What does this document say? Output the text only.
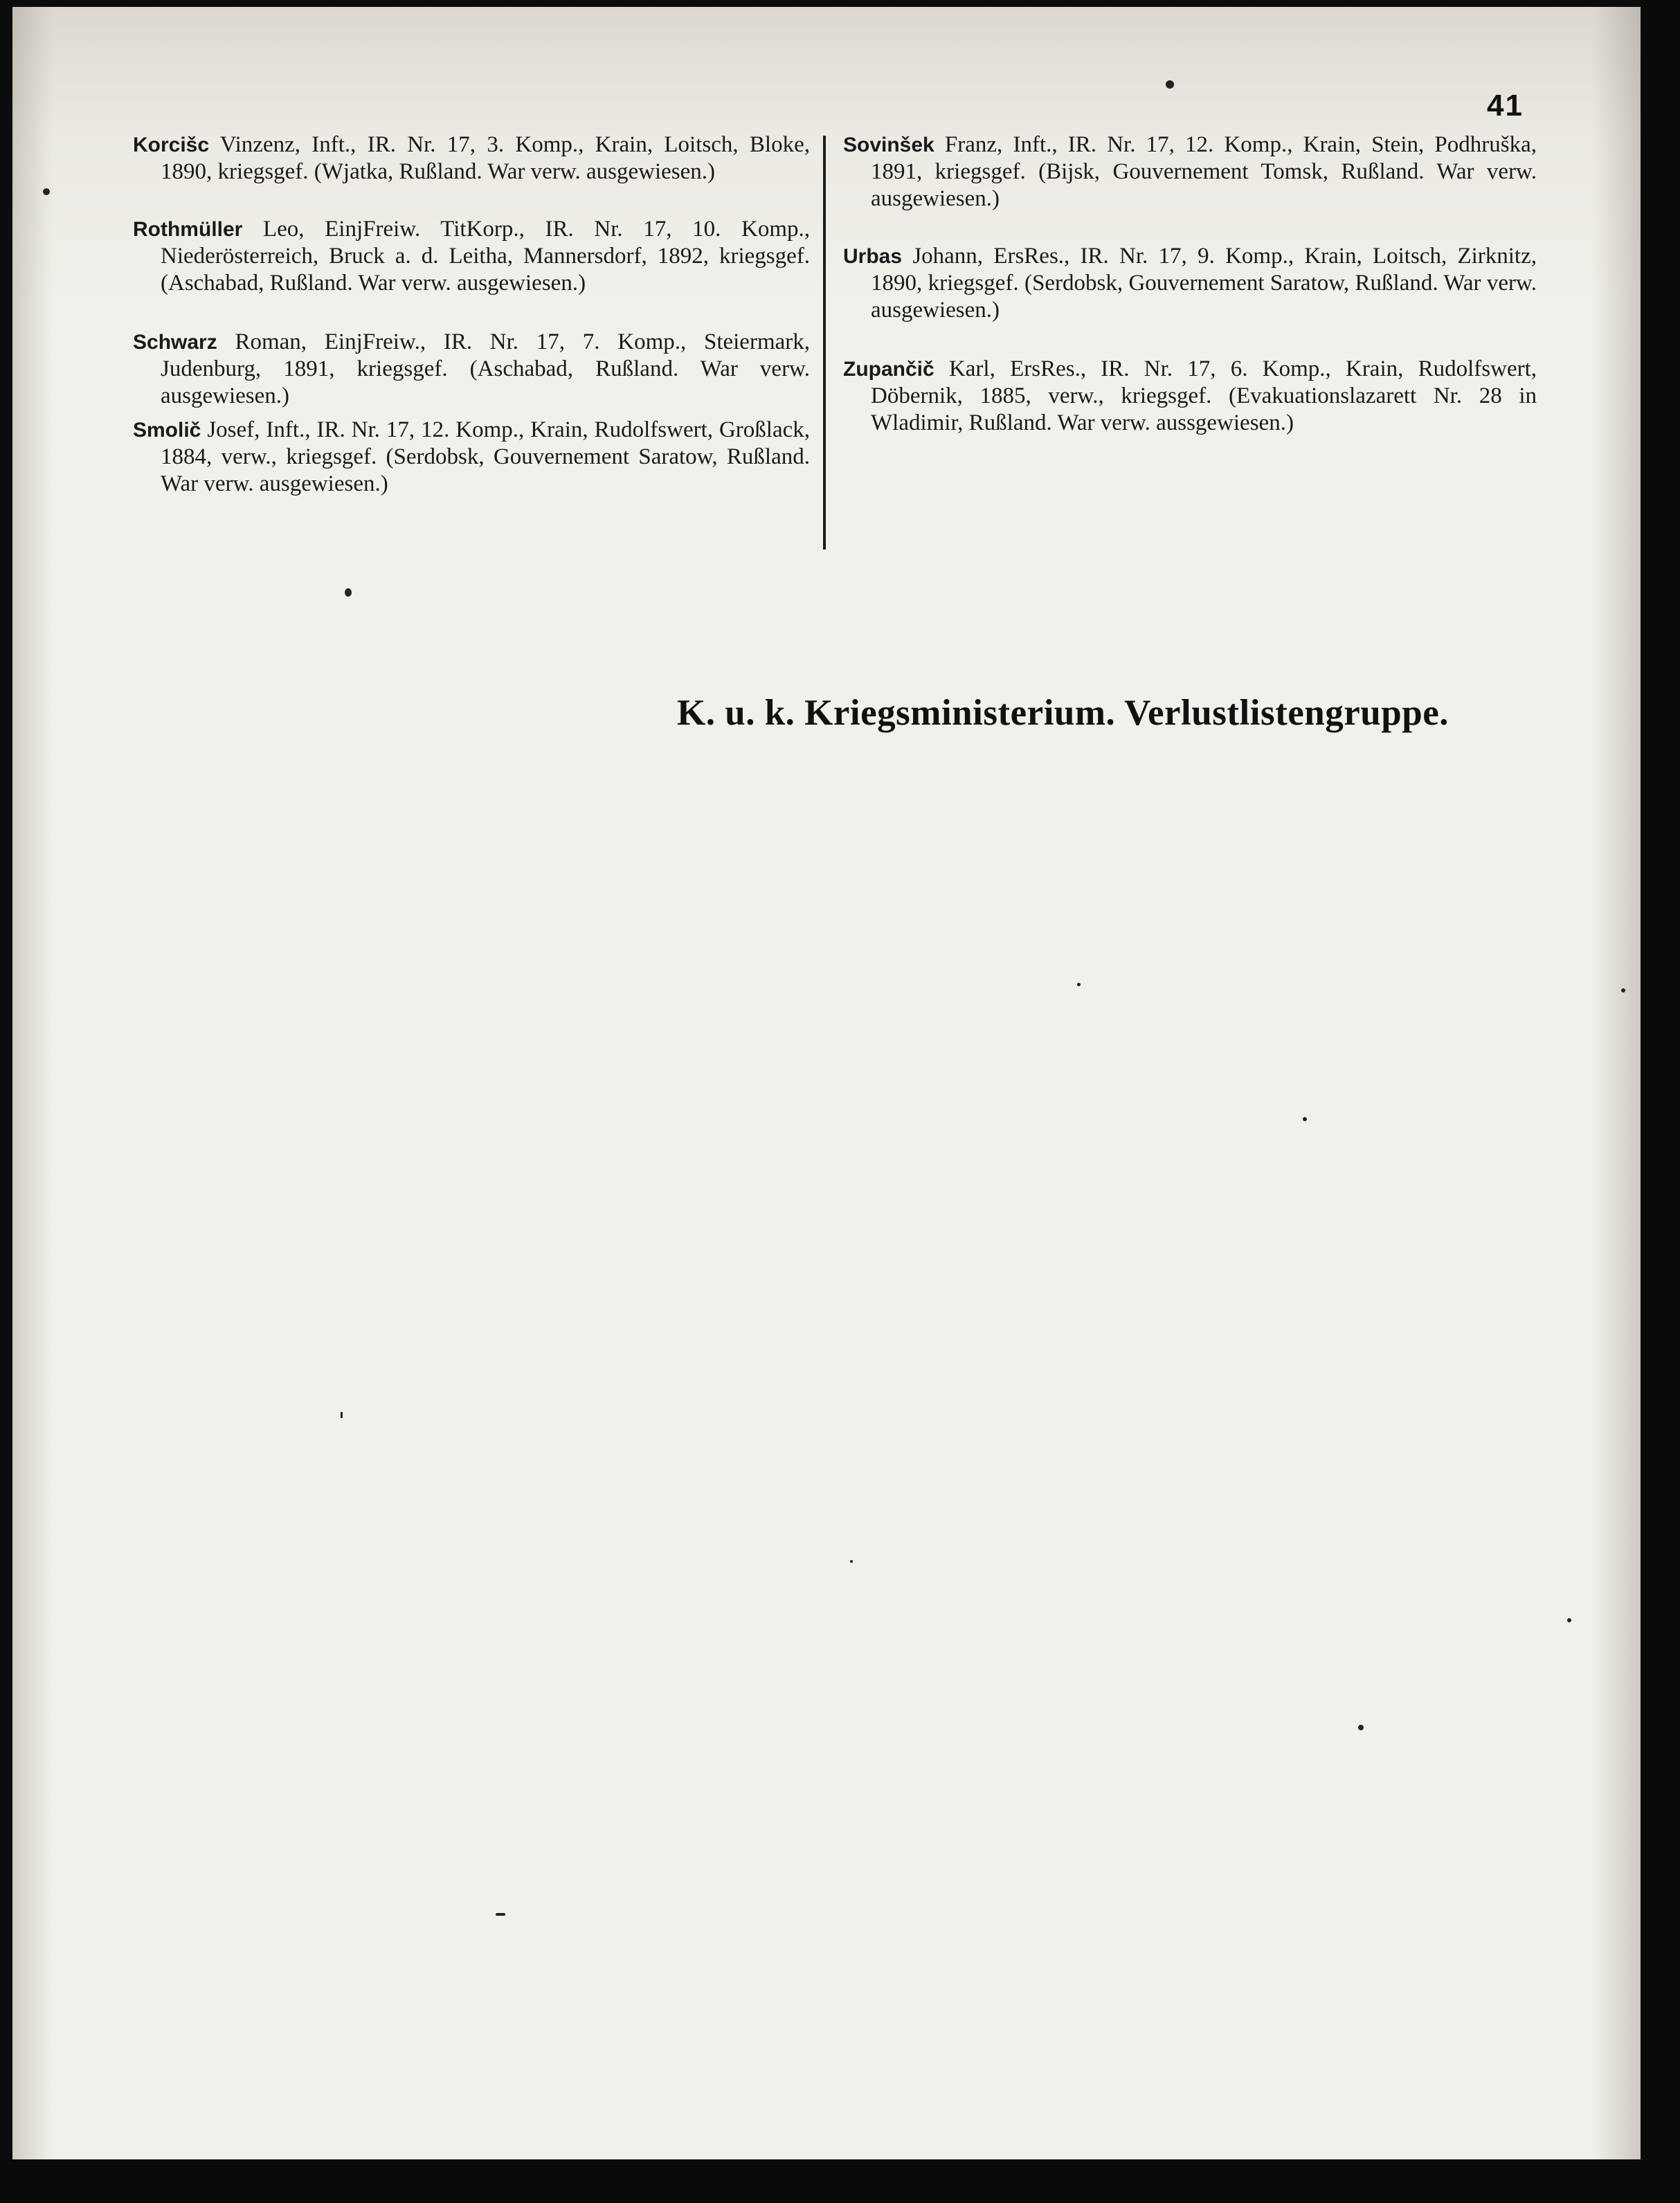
41

Korcišc Vinzenz, Inft., IR. Nr. 17, 3. Komp., Krain, Loitsch, Bloke, 1890, kriegsgef. (Wjatka, Rußland. War verw. ausgewiesen.)

Rothmüller Leo, EinjFreiw. TitKorp., IR. Nr. 17, 10. Komp., Niederösterreich, Bruck a. d. Leitha, Mannersdorf, 1892, kriegsgef. (Aschabad, Rußland. War verw. ausgewiesen.)

Schwarz Roman, EinjFreiw., IR. Nr. 17, 7. Komp., Steiermark, Judenburg, 1891, kriegsgef. (Aschabad, Rußland. War verw. ausgewiesen.)

Smolič Josef, Inft., IR. Nr. 17, 12. Komp., Krain, Rudolfswert, Großlack, 1884, verw., kriegsgef. (Serdobsk, Gouvernement Saratow, Rußland. War verw. ausgewiesen.)

Sovinšek Franz, Inft., IR. Nr. 17, 12. Komp., Krain, Stein, Podhruška, 1891, kriegsgef. (Bijsk, Gouvernement Tomsk, Rußland. War verw. ausgewiesen.)

Urbas Johann, ErsRes., IR. Nr. 17, 9. Komp., Krain, Loitsch, Zirknitz, 1890, kriegsgef. (Serdobsk, Gouvernement Saratow, Rußland. War verw. ausgewiesen.)

Zupančič Karl, ErsRes., IR. Nr. 17, 6. Komp., Krain, Rudolfswert, Döbernik, 1885, verw., kriegsgef. (Evakuationslazarett Nr. 28 in Wladimir, Rußland. War verw. aussgewiesen.)

K. u. k. Kriegsministerium. Verlustlistengruppe.
